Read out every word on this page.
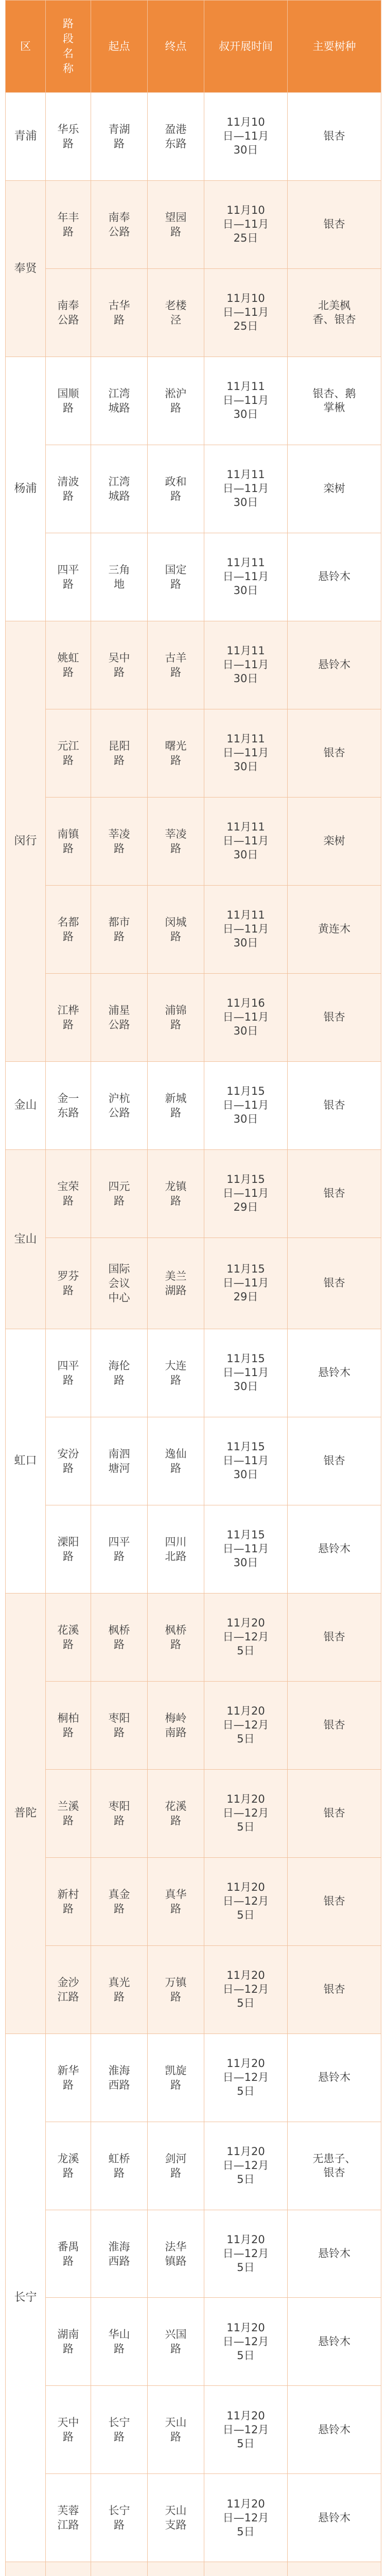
区	路段名称	起点	终点	叔开展时间	主要树种
青浦	华乐路	青湖路	盈港东路	11月10日—11月30日	银杏
奉贤	年丰路	南奉公路	望园路	11月10日—11月25日	银杏
	南奉公路	古华路	老楼泾	11月10日—11月25日	北美枫香、银杏
杨浦	国顺路	江湾城路	淞沪路	11月11日—11月30日	银杏、鹅掌楸
	清波路	江湾城路	政和路	11月11日—11月30日	栾树
	四平路	三角地	国定路	11月11日—11月30日	悬铃木
闵行	姚虹路	吴中路	古羊路	11月11日—11月30日	悬铃木
	元江路	昆阳路	曙光路	11月11日—11月30日	银杏
	南镇路	莘凌路	莘凌路	11月11日—11月30日	栾树
	名都路	都市路	闵城路	11月11日—11月30日	黄连木
	江桦路	浦星公路	浦锦路	11月16日—11月30日	银杏
金山	金一东路	沪杭公路	新城路	11月15日—11月30日	银杏
宝山	宝荣路	四元路	龙镇路	11月15日—11月29日	银杏
	罗芬路	国际会议中心	美兰湖路	11月15日—11月29日	银杏
虹口	四平路	海伦路	大连路	11月15日—11月30日	悬铃木
	安汾路	南泗塘河	逸仙路	11月15日—11月30日	银杏
	溧阳路	四平路	四川北路	11月15日—11月30日	悬铃木
普陀	花溪路	枫桥路	枫桥路	11月20日—12月5日	银杏
	桐柏路	枣阳路	梅岭南路	11月20日—12月5日	银杏
	兰溪路	枣阳路	花溪路	11月20日—12月5日	银杏
	新村路	真金路	真华路	11月20日—12月5日	银杏
	金沙江路	真光路	万镇路	11月20日—12月5日	银杏
长宁	新华路	淮海西路	凯旋路	11月20日—12月5日	悬铃木
	龙溪路	虹桥路	剑河路	11月20日—12月5日	无患子、银杏
	番禺路	淮海西路	法华镇路	11月20日—12月5日	悬铃木
	湖南路	华山路	兴国路	11月20日—12月5日	悬铃木
	天中路	长宁路	天山路	11月20日—12月5日	悬铃木
	芙蓉江路	长宁路	天山支路	11月20日—12月5日	悬铃木
